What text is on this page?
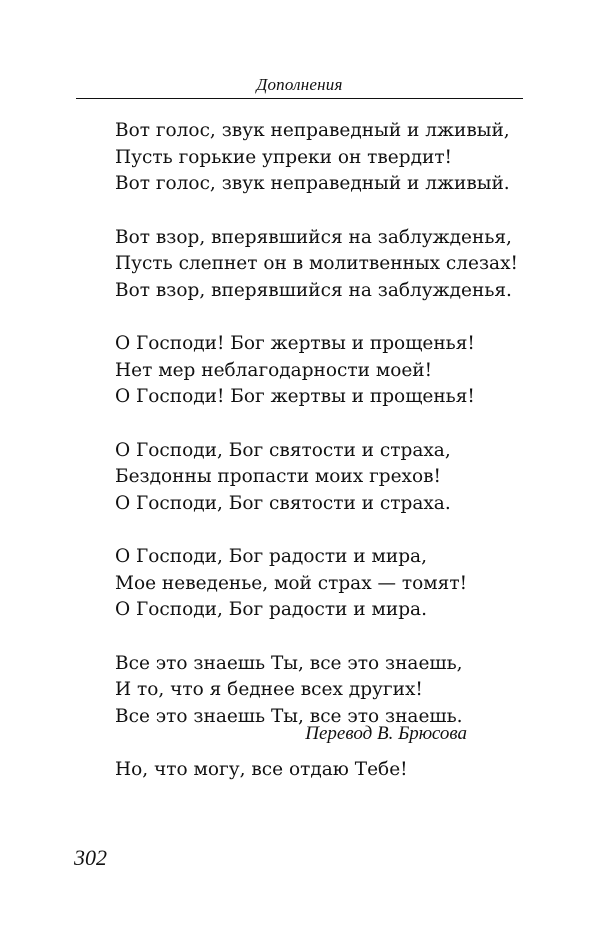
Дополнения
Вот голос, звук неправедный и лживый,
Пусть горькие упреки он твердит!
Вот голос, звук неправедный и лживый.
Вот взор, вперявшийся на заблужденья,
Пусть слепнет он в молитвенных слезах!
Вот взор, вперявшийся на заблужденья.
О Господи! Бог жертвы и прощенья!
Нет мер неблагодарности моей!
О Господи! Бог жертвы и прощенья!
О Господи, Бог святости и страха,
Бездонны пропасти моих грехов!
О Господи, Бог святости и страха.
О Господи, Бог радости и мира,
Мое неведенье, мой страх — томят!
О Господи, Бог радости и мира.
Все это знаешь Ты, все это знаешь,
И то, что я беднее всех других!
Все это знаешь Ты, все это знаешь.
Но, что могу, все отдаю Тебе!
Перевод В. Брюсова
302
